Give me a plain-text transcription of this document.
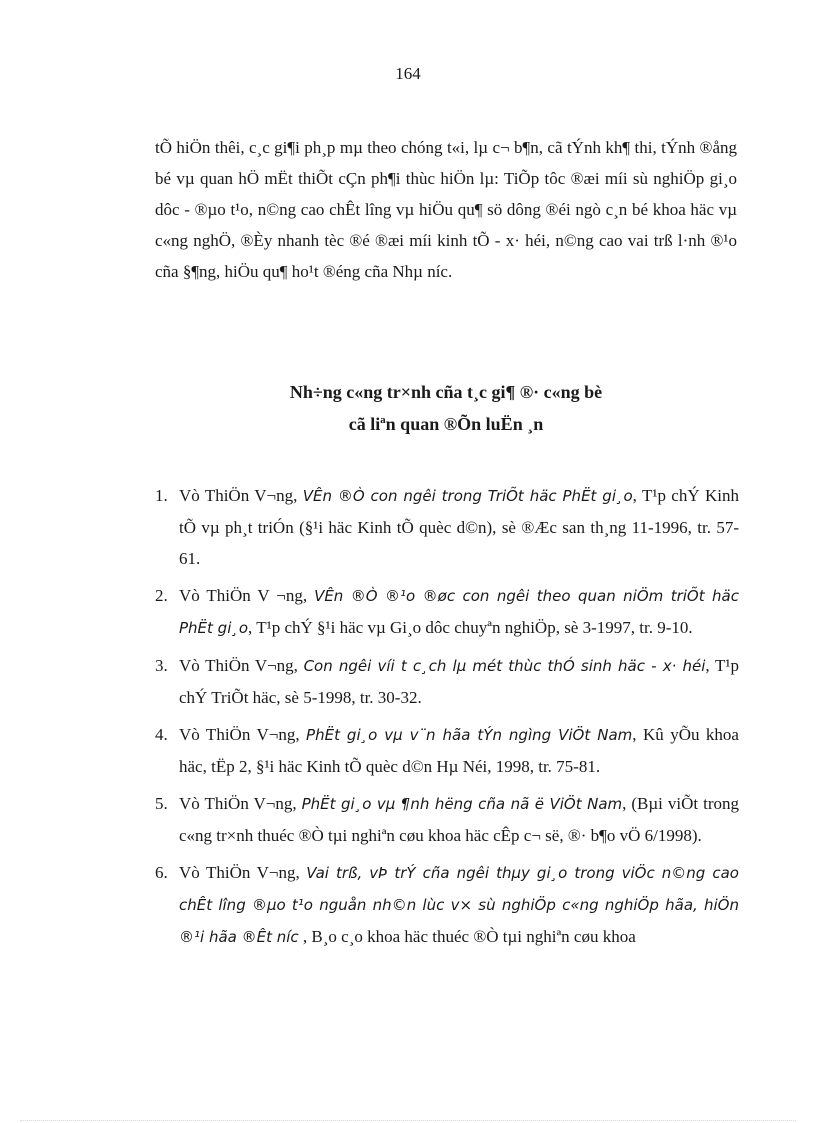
164

tÕ hiÖn thêi, c¸c gi¶i ph¸p mµ theo chóng t«i, lµ c¬ b¶n, cã tÝnh kh¶ thi, tÝnh ®ång bé vµ quan hÖ mËt thiÕt cÇn ph¶i thùc hiÖn lµ: TiÕp tôc ®æi míi sù nghiÖp gi¸o dôc - ®µo t¹o, n©ng cao chÊt lîng vµ hiÖu qu¶ sö dông ®éi ngò c¸n bé khoa häc vµ c«ng nghÖ, ®Èy nhanh tèc ®é ®æi míi kinh tÕ - x· héi, n©ng cao vai trß l·nh ®¹o cña §¶ng, hiÖu qu¶ ho¹t ®éng cña Nhµ níc.

Nh÷ng c«ng tr×nh cña t¸c gi¶ ®· c«ng bè
cã liªn quan ®Õn luËn ¸n
1. Vò ThiÖn V¬ng, VÊn ®Ò con ngêi trong TriÕt häc PhËt gi¸o, T¹p chÝ Kinh tÕ vµ ph¸t triÓn (§¹i häc Kinh tÕ quèc d©n), sè ®Æc san th¸ng 11-1996, tr. 57-61.
2. Vò ThiÖn V ¬ng, VÊn ®Ò ®¹o ®øc con ngêi theo quan niÖm triÕt häc PhËt gi¸o, T¹p chÝ §¹i häc vµ Gi¸o dôc chuyªn nghiÖp, sè 3-1997, tr. 9-10.
3. Vò ThiÖn V¬ng, Con ngêi víi t c¸ch lµ mét thùc thÓ sinh häc - x· héi, T¹p chÝ TriÕt häc, sè 5-1998, tr. 30-32.
4. Vò ThiÖn V¬ng, PhËt gi¸o vµ v¨n hãa tÝn ngìng ViÖt Nam, Kû yÕu khoa häc, tËp 2, §¹i häc Kinh tÕ quèc d©n Hµ Néi, 1998, tr. 75-81.
5. Vò ThiÖn V¬ng, PhËt gi¸o vµ ¶nh hëng cña nã ë ViÖt Nam, (Bµi viÕt trong c«ng tr×nh thuéc ®Ò tµi nghiªn cøu khoa häc cÊp c¬ së, ®· b¶o vÖ 6/1998).
6. Vò ThiÖn V¬ng, Vai trß, vÞ trÝ cña ngêi thµy gi¸o trong viÖc n©ng cao chÊt lîng ®µo t¹o nguån nh©n lùc v× sù nghiÖp c«ng nghiÖp hãa, hiÖn ®¹i hãa ®Êt níc , B¸o c¸o khoa häc thuéc ®Ò tµi nghiªn cøu khoa
